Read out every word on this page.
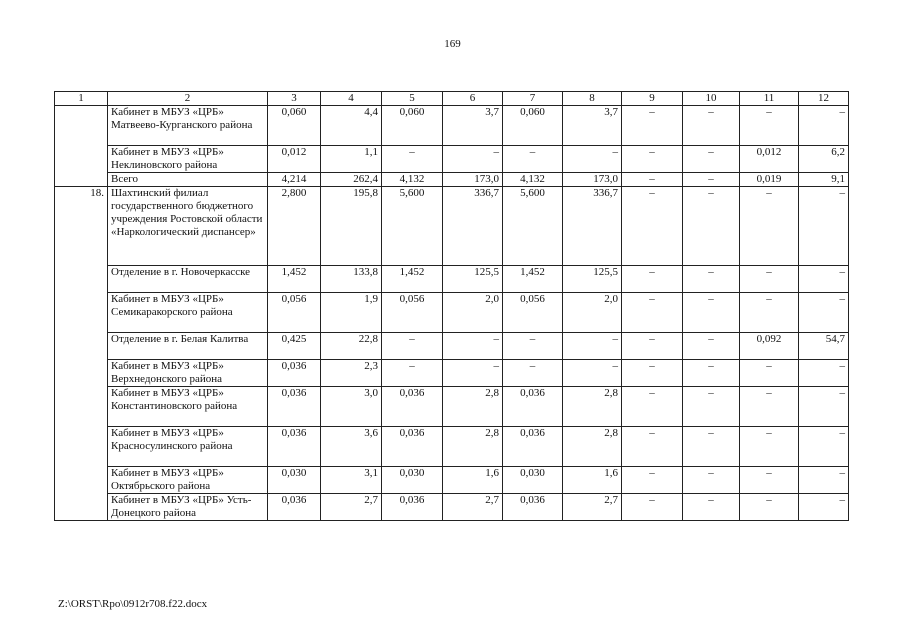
169
1	2	3	4	5	6	7	8	9	10	11	12
	Кабинет в МБУЗ «ЦРБ» Матвеево-Курганского района	0,060	4,4	0,060	3,7	0,060	3,7	–	–	–	–
	Кабинет в МБУЗ «ЦРБ» Неклиновского района	0,012	1,1	–	–	–	–	–	–	0,012	6,2
	Всего	4,214	262,4	4,132	173,0	4,132	173,0	–	–	0,019	9,1
18.	Шахтинский филиал государственного бюджетного учреждения Ростовской области «Наркологический диспансер»	2,800	195,8	5,600	336,7	5,600	336,7	–	–	–	–
	Отделение в г. Новочеркасске	1,452	133,8	1,452	125,5	1,452	125,5	–	–	–	–
	Кабинет в МБУЗ «ЦРБ» Семикаракорского района	0,056	1,9	0,056	2,0	0,056	2,0	–	–	–	–
	Отделение в г. Белая Калитва	0,425	22,8	–	–	–	–	–	–	0,092	54,7
	Кабинет в МБУЗ «ЦРБ» Верхнедонского района	0,036	2,3	–	–	–	–	–	–	–	–
	Кабинет в МБУЗ «ЦРБ» Константиновского района	0,036	3,0	0,036	2,8	0,036	2,8	–	–	–	–
	Кабинет в МБУЗ «ЦРБ» Красносулинского района	0,036	3,6	0,036	2,8	0,036	2,8	–	–	–	–
	Кабинет в МБУЗ «ЦРБ» Октябрьского района	0,030	3,1	0,030	1,6	0,030	1,6	–	–	–	–
	Кабинет в МБУЗ «ЦРБ» Усть-Донецкого района	0,036	2,7	0,036	2,7	0,036	2,7	–	–	–	–
Z:\ORST\Rpo\0912r708.f22.docx
